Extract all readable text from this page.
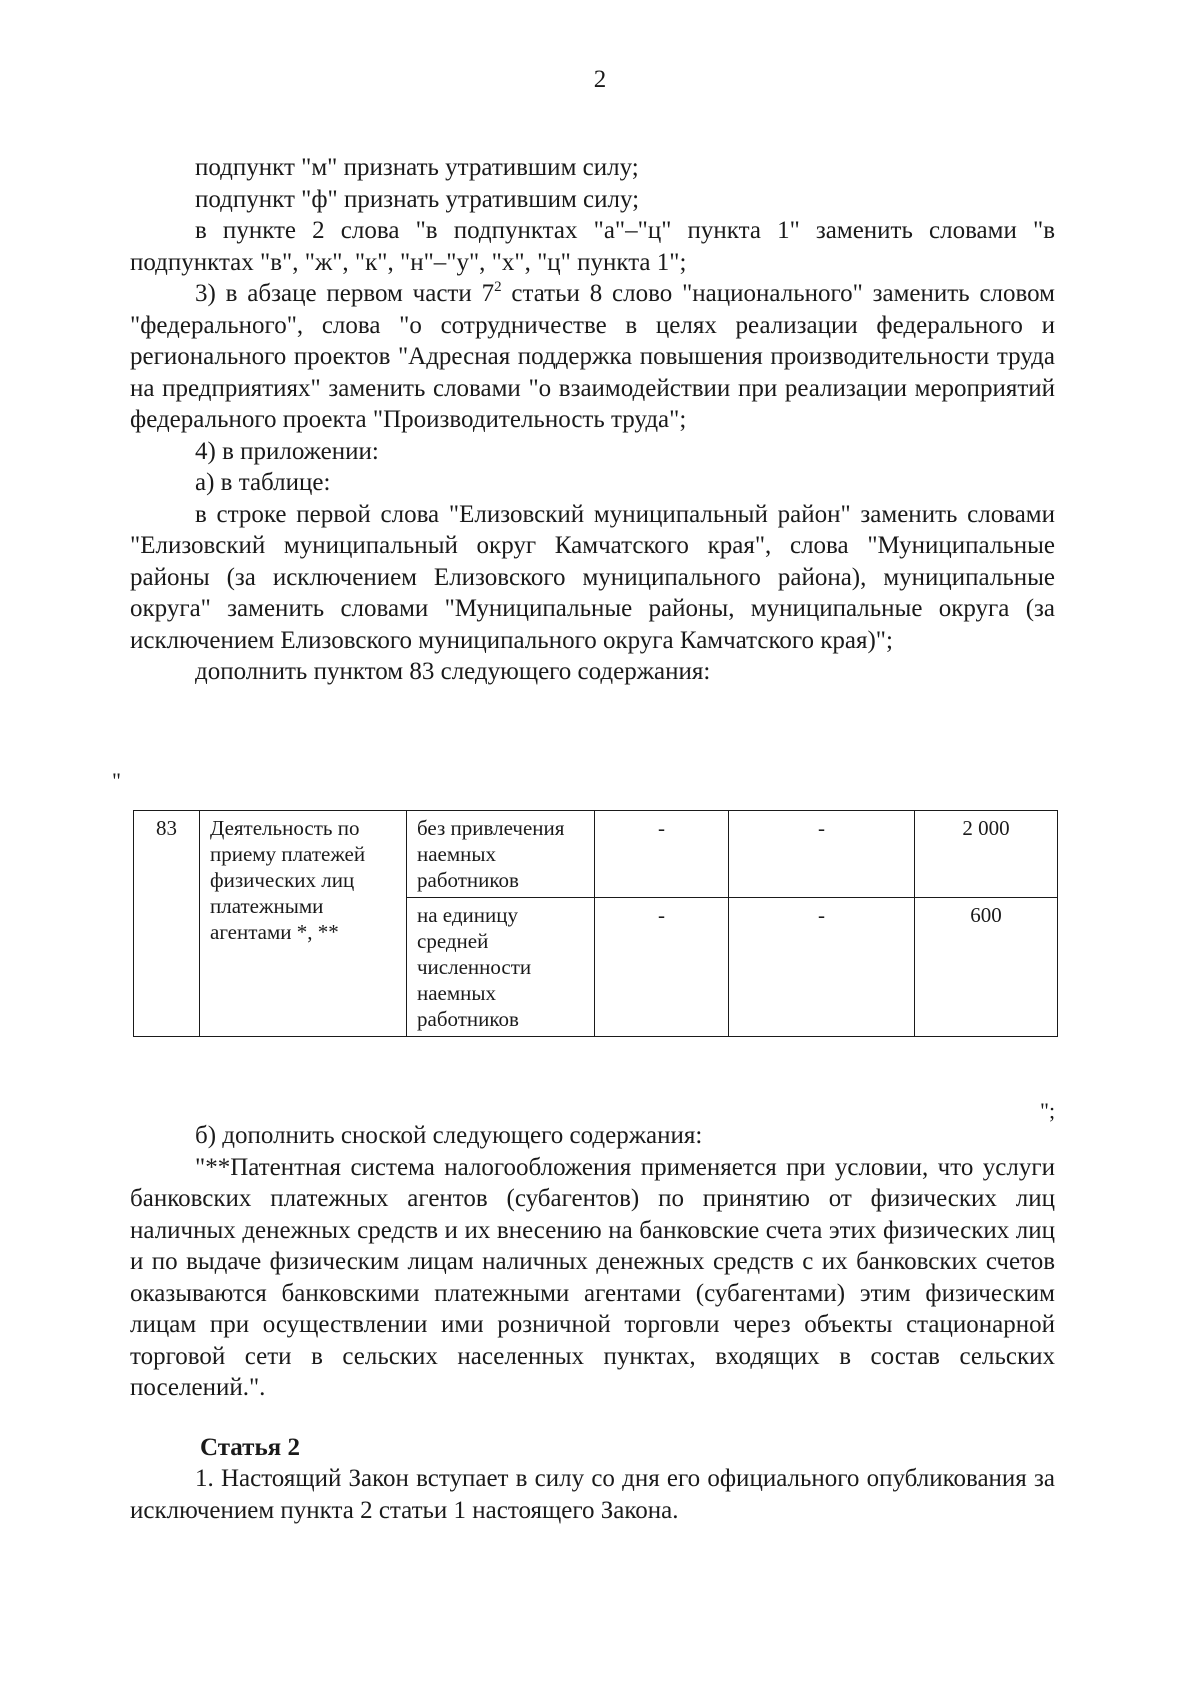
2

подпункт "м" признать утратившим силу;

подпункт "ф" признать утратившим силу;

в пункте 2 слова "в подпунктах "а"–"ц" пункта 1" заменить словами "в подпунктах "в", "ж", "к", "н"–"у", "х", "ц" пункта 1";

3) в абзаце первом части $7^2$ статьи 8 слово "национального" заменить словом "федерального", слова "о сотрудничестве в целях реализации федерального и регионального проектов "Адресная поддержка повышения производительности труда на предприятиях" заменить словами "о взаимодействии при реализации мероприятий федерального проекта "Производительность труда";

4) в приложении:

а) в таблице:

в строке первой слова "Елизовский муниципальный район" заменить словами "Елизовский муниципальный округ Камчатского края", слова "Муниципальные районы (за исключением Елизовского муниципального района), муниципальные округа" заменить словами "Муниципальные районы, муниципальные округа (за исключением Елизовского муниципального округа Камчатского края)";

дополнить пунктом 83 следующего содержания:

"
83	Деятельность по приему платежей физических лиц платежными агентами *, **	без привлечения наемных работников	-	-	2 000
		на единицу средней численности наемных работников	-	-	600
";

б) дополнить сноской следующего содержания:

"**Патентная система налогообложения применяется при условии, что услуги банковских платежных агентов (субагентов) по принятию от физических лиц наличных денежных средств и их внесению на банковские счета этих физических лиц и по выдаче физическим лицам наличных денежных средств с их банковских счетов оказываются банковскими платежными агентами (субагентами) этим физическим лицам при осуществлении ими розничной торговли через объекты стационарной торговой сети в сельских населенных пунктах, входящих в состав сельских поселений.".

Статья 2

1. Настоящий Закон вступает в силу со дня его официального опубликования за исключением пункта 2 статьи 1 настоящего Закона.
